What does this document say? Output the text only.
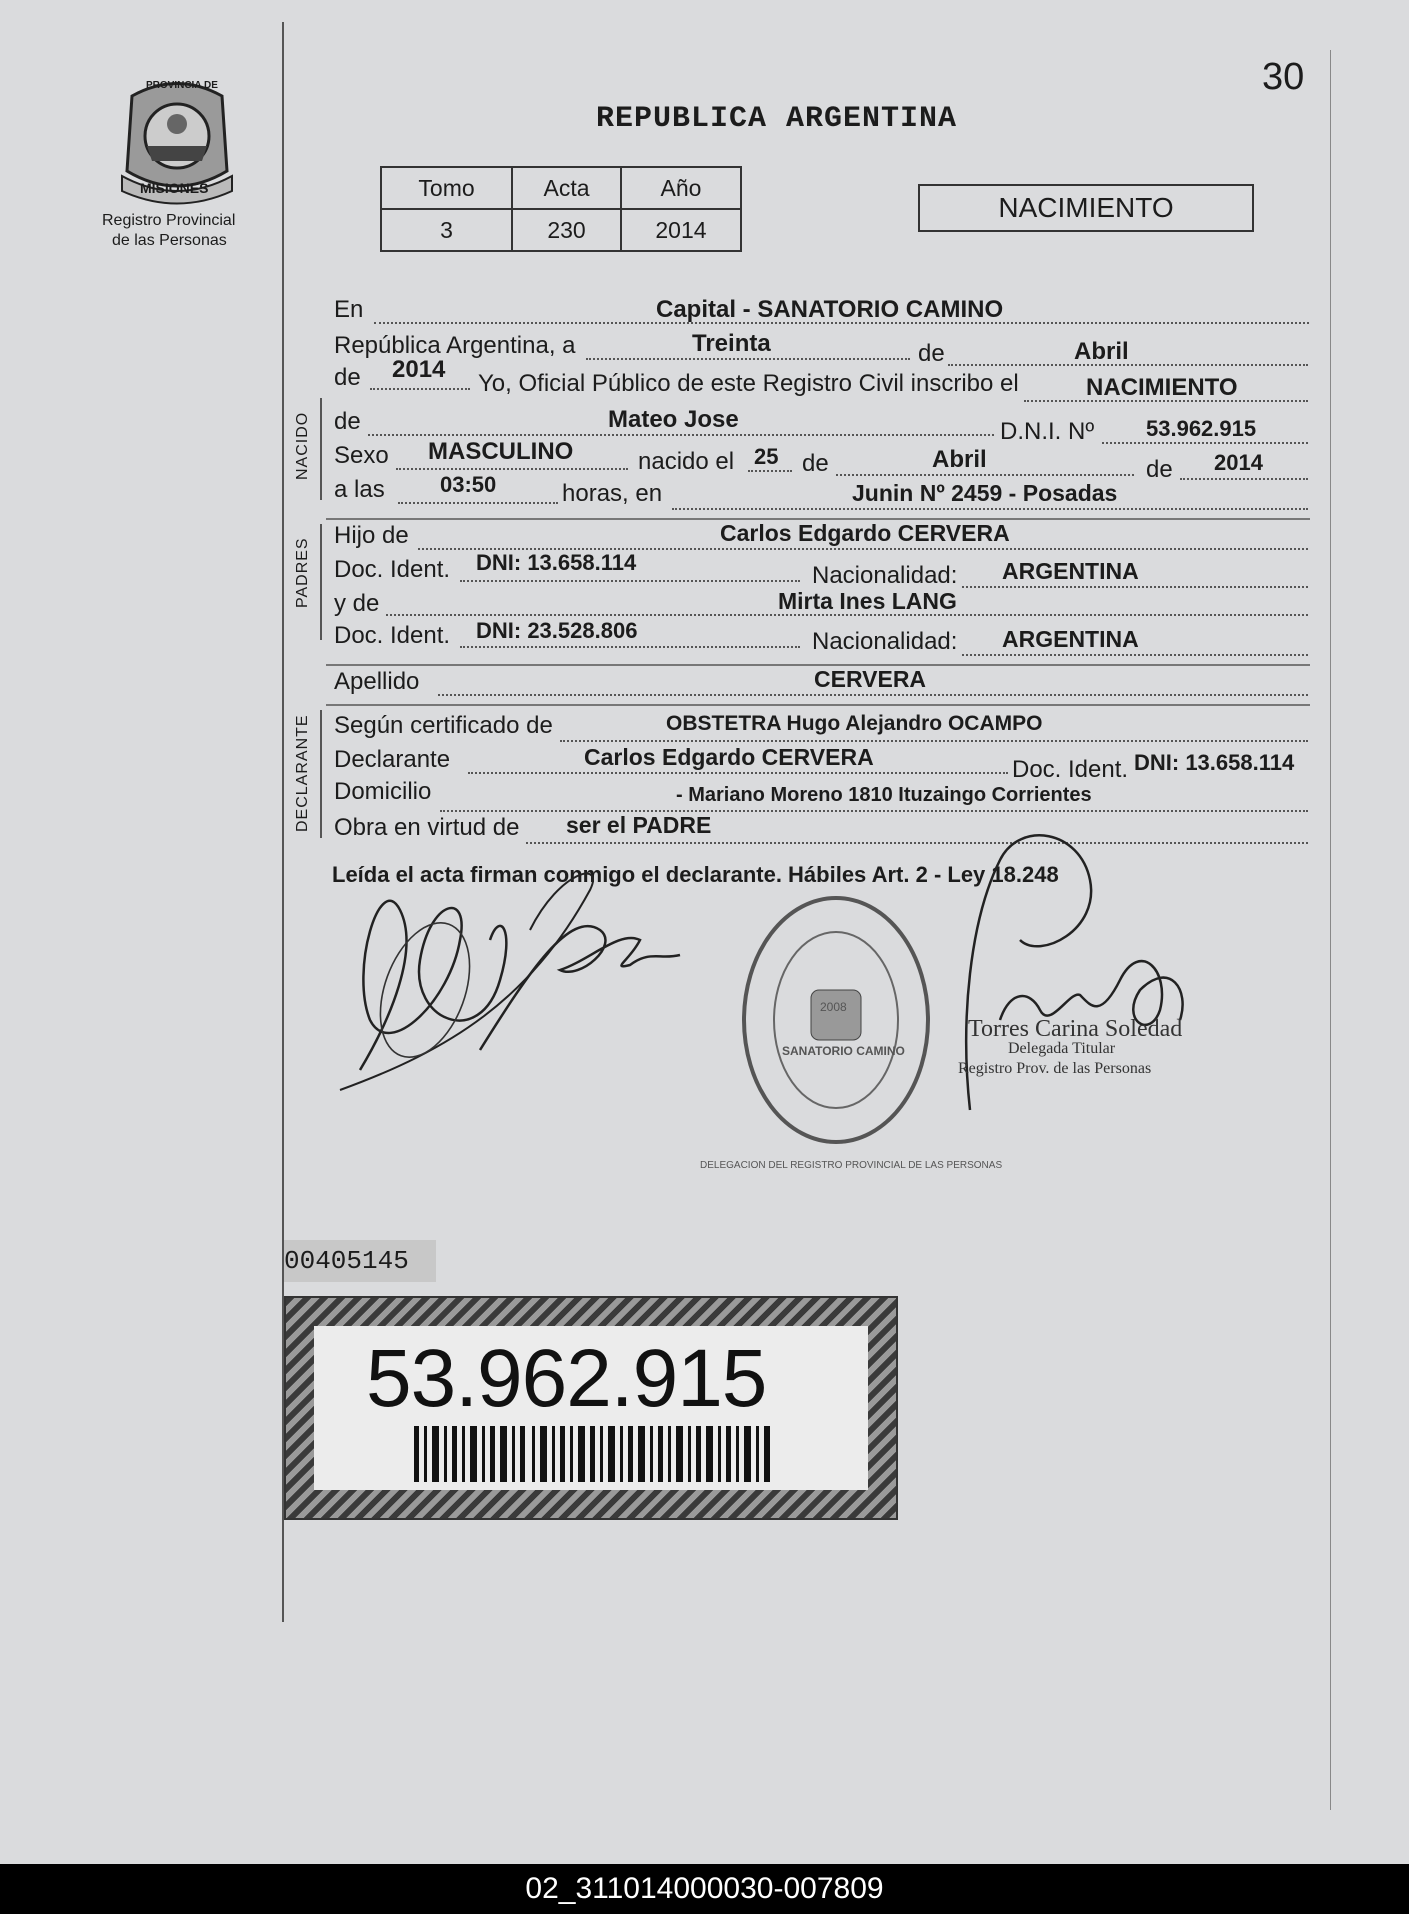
PROVINCIA DE
MISIONES
Registro Provincial
de las Personas
30
REPUBLICA ARGENTINA
Tomo	Acta	Año
3	230	2014
NACIMIENTO
NACIDO
PADRES
DECLARANTE
En	Capital - SANATORIO CAMINO
República Argentina, a	Treinta	de	Abril
de 2014
Yo, Oficial Público de este Registro Civil inscribo el	NACIMIENTO
de	Mateo Jose	D.N.I. Nº 53.962.915
Sexo MASCULINO	nacido el 25 de	Abril	de 2014
a las	03:50	horas, en	Junin Nº 2459 - Posadas
Hijo de	Carlos Edgardo CERVERA
Doc. Ident. DNI: 13.658.114	Nacionalidad: ARGENTINA
y de	Mirta Ines LANG
Doc. Ident. DNI: 23.528.806	Nacionalidad: ARGENTINA
Apellido	CERVERA
Según certificado de	OBSTETRA Hugo Alejandro OCAMPO
Declarante	Carlos Edgardo CERVERA	Doc. Ident. DNI: 13.658.114
Domicilio	- Mariano Moreno 1810 Ituzaingo Corrientes
Obra en virtud de ser el PADRE
Leída el acta firman conmigo el declarante. Hábiles Art. 2 - Ley 18.248
DELEGACION DEL REGISTRO PROVINCIAL DE LAS PERSONAS
SANATORIO CAMINO
2008
Torres Carina Soledad
Delegada Titular
Registro Prov. de las Personas
00405145
53.962.915
02_311014000030-007809
